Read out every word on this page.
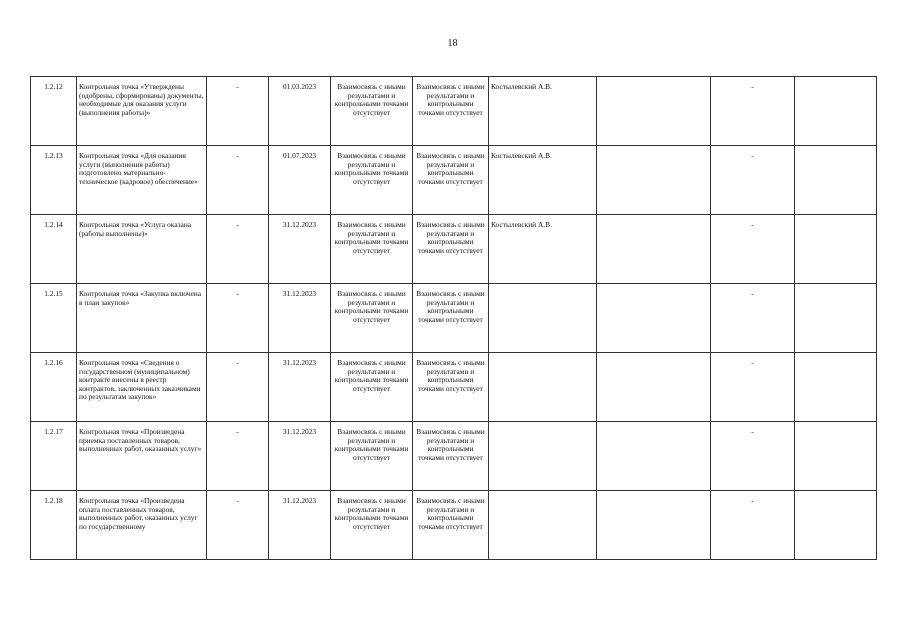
18
1.2.12	Контрольная точка «Утверждены (одобрены, сформированы) документы, необходимые для оказания услуги (выполнения работы)»	-	01.03.2023	Взаимосвязь с иными результатами и контрольными точками отсутствует	Взаимосвязь с иными результатами и контрольными точками отсутствует	Костылевский А.В.		-	
1.2.13	Контрольная точка «Для оказания услуги (выполнения работы) подготовлено материально-техническое (кадровое) обеспечение»	-	01.07.2023	Взаимосвязь с иными результатами и контрольными точками отсутствует	Взаимосвязь с иными результатами и контрольными точками отсутствует	Костылевский А.В.		-	
1.2.14	Контрольная точка «Услуга оказана (работы выполнены)»	-	31.12.2023	Взаимосвязь с иными результатами и контрольными точками отсутствует	Взаимосвязь с иными результатами и контрольными точками отсутствует	Костылевский А.В.		-	
1.2.15	Контрольная точка «Закупка включена в план закупок»	-	31.12.2023	Взаимосвязь с иными результатами и контрольными точками отсутствует	Взаимосвязь с иными результатами и контрольными точками отсутствует			-	
1.2.16	Контрольная точка «Сведения о государственном (муниципальном) контракте внесены в реестр контрактов, заключенных заказчиками по результатам закупок»	-	31.12.2023	Взаимосвязь с иными результатами и контрольными точками отсутствует	Взаимосвязь с иными результатами и контрольными точками отсутствует			-	
1.2.17	Контрольная точка «Произведена приемка поставленных товаров, выполненных работ, оказанных услуг»	-	31.12.2023	Взаимосвязь с иными результатами и контрольными точками отсутствует	Взаимосвязь с иными результатами и контрольными точками отсутствует			-	
1.2.18	Контрольная точка «Произведена оплата поставленных товаров, выполненных работ, оказанных услуг по государственному	-	31.12.2023	Взаимосвязь с иными результатами и контрольными точками отсутствует	Взаимосвязь с иными результатами и контрольными точками отсутствует			-	
